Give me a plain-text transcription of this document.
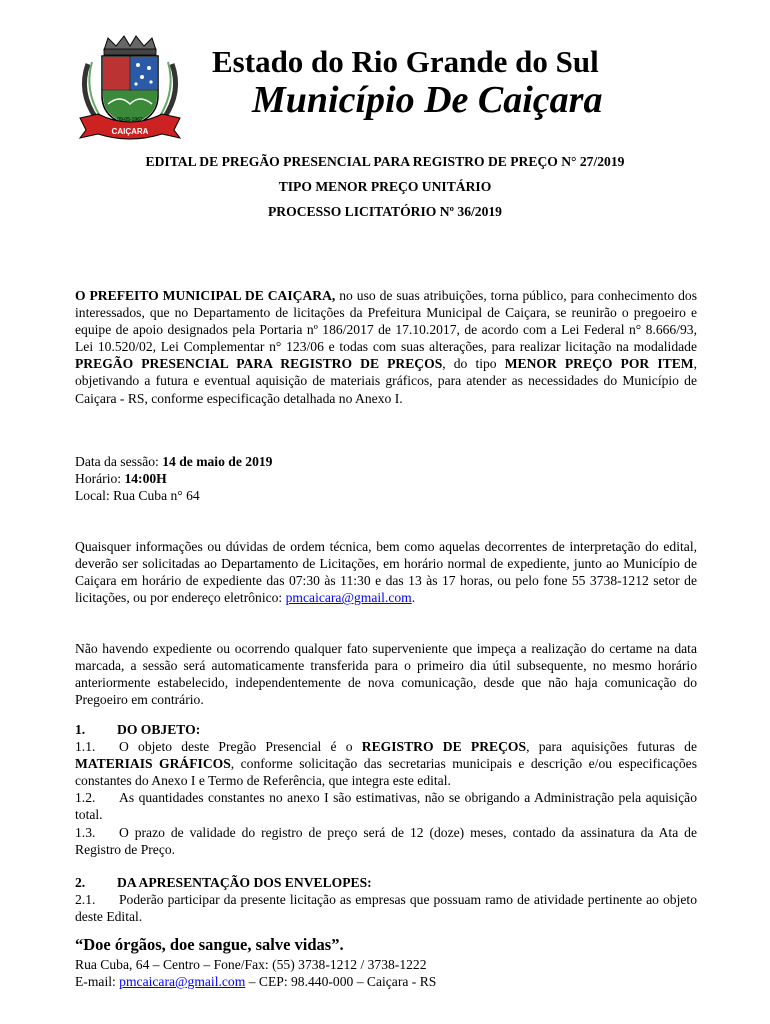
09-05-1962
CAIÇARA
Estado do Rio Grande do Sul
Município De Caiçara
EDITAL DE PREGÃO PRESENCIAL PARA REGISTRO DE PREÇO N° 27/2019
TIPO MENOR PREÇO UNITÁRIO
PROCESSO LICITATÓRIO Nº 36/2019
O PREFEITO MUNICIPAL DE CAIÇARA, no uso de suas atribuições, torna público, para conhecimento dos interessados, que no Departamento de licitações da Prefeitura Municipal de Caiçara, se reunirão o pregoeiro e equipe de apoio designados pela Portaria nº 186/2017 de 17.10.2017, de acordo com a Lei Federal n° 8.666/93, Lei 10.520/02, Lei Complementar n° 123/06 e todas com suas alterações, para realizar licitação na modalidade PREGÃO PRESENCIAL PARA REGISTRO DE PREÇOS, do tipo MENOR PREÇO POR ITEM, objetivando a futura e eventual aquisição de materiais gráficos, para atender as necessidades do Município de Caiçara - RS, conforme especificação detalhada no Anexo I.
Data da sessão: 14 de maio de 2019
Horário: 14:00H
Local: Rua Cuba n° 64
Quaisquer informações ou dúvidas de ordem técnica, bem como aquelas decorrentes de interpretação do edital, deverão ser solicitadas ao Departamento de Licitações, em horário normal de expediente, junto ao Município de Caiçara em horário de expediente das 07:30 às 11:30 e das 13 às 17 horas, ou pelo fone 55 3738-1212 setor de licitações, ou por endereço eletrônico: pmcaicara@gmail.com.
Não havendo expediente ou ocorrendo qualquer fato superveniente que impeça a realização do certame na data marcada, a sessão será automaticamente transferida para o primeiro dia útil subsequente, no mesmo horário anteriormente estabelecido, independentemente de nova comunicação, desde que não haja comunicação do Pregoeiro em contrário.
1. DO OBJETO:
1.1. O objeto deste Pregão Presencial é o REGISTRO DE PREÇOS, para aquisições futuras de MATERIAIS GRÁFICOS, conforme solicitação das secretarias municipais e descrição e/ou especificações constantes do Anexo I e Termo de Referência, que integra este edital.
1.2. As quantidades constantes no anexo I são estimativas, não se obrigando a Administração pela aquisição total.
1.3. O prazo de validade do registro de preço será de 12 (doze) meses, contado da assinatura da Ata de Registro de Preço.
2. DA APRESENTAÇÃO DOS ENVELOPES:
2.1. Poderão participar da presente licitação as empresas que possuam ramo de atividade pertinente ao objeto deste Edital.
“Doe órgãos, doe sangue, salve vidas”.
Rua Cuba, 64 – Centro – Fone/Fax: (55) 3738-1212 / 3738-1222
E-mail: pmcaicara@gmail.com – CEP: 98.440-000 – Caiçara - RS
